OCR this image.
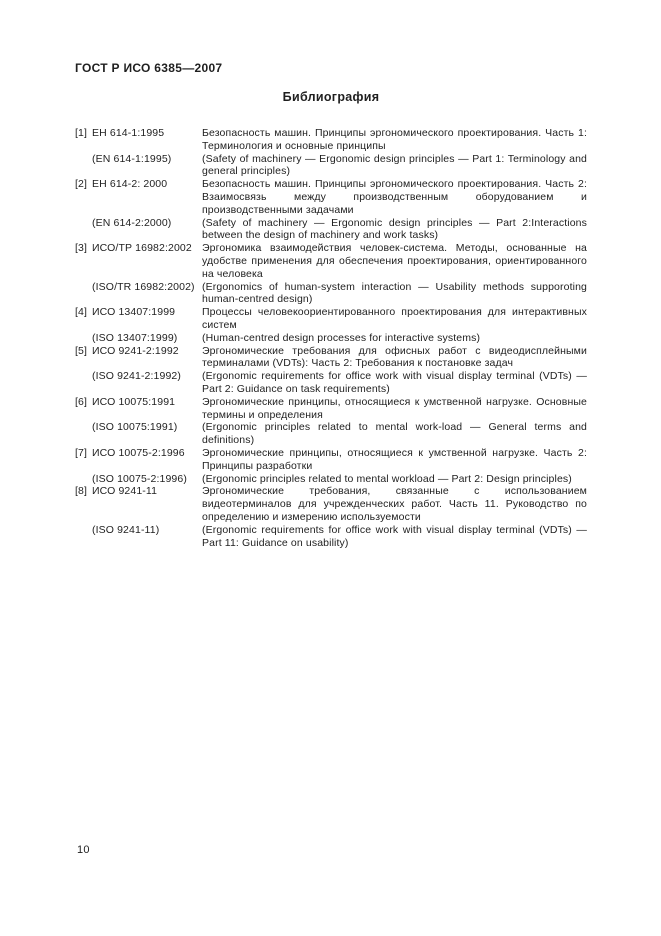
ГОСТ Р ИСО 6385—2007
Библиография
[1] ЕН 614-1:1995	Безопасность машин. Принципы эргономического проектирования. Часть 1: Терминология и основные принципы
(EN 614-1:1995)	(Safety of machinery — Ergonomic design principles — Part 1: Terminology and general principles)
[2] ЕН 614-2: 2000	Безопасность машин. Принципы эргономического проектирования. Часть 2: Взаимосвязь между производственным оборудованием и производственными задачами
(EN 614-2:2000)	(Safety of machinery — Ergonomic design principles — Part 2:Interactions between the design of machinery and work tasks)
[3] ИСО/ТР 16982:2002 Эргономика взаимодействия человек-система. Методы, основанные на удобстве применения для обеспечения проектирования, ориентированного на человека
(ISO/TR 16982:2002) (Ergonomics of human-system interaction — Usability methods supporoting human-centred design)
[4] ИСО 13407:1999	Процессы человекоориентированного проектирования для интерактивных систем
(ISO 13407:1999) (Human-centred design processes for interactive systems)
[5] ИСО 9241-2:1992 Эргономические требования для офисных работ с видеодисплейными терминалами (VDTs): Часть 2: Требования к постановке задач
(ISO 9241-2:1992) (Ergonomic requirements for office work with visual display terminal (VDTs) — Part 2: Guidance on task requirements)
[6] ИСО 10075:1991	Эргономические принципы, относящиеся к умственной нагрузке. Основные термины и определения
(ISO 10075:1991) (Ergonomic principles related to mental work-load — General terms and definitions)
[7] ИСО 10075-2:1996 Эргономические принципы, относящиеся к умственной нагрузке. Часть 2: Принципы разработки
(ISO 10075-2:1996) (Ergonomic principles related to mental workload — Part 2: Design principles)
[8] ИСО 9241-11	Эргономические требования, связанные с использованием видеотерминалов для учрежденческих работ. Часть 11. Руководство по определению и измерению используемости
(ISO 9241-11)	(Ergonomic requirements for office work with visual display terminal (VDTs) — Part 11: Guidance on usability)
10
